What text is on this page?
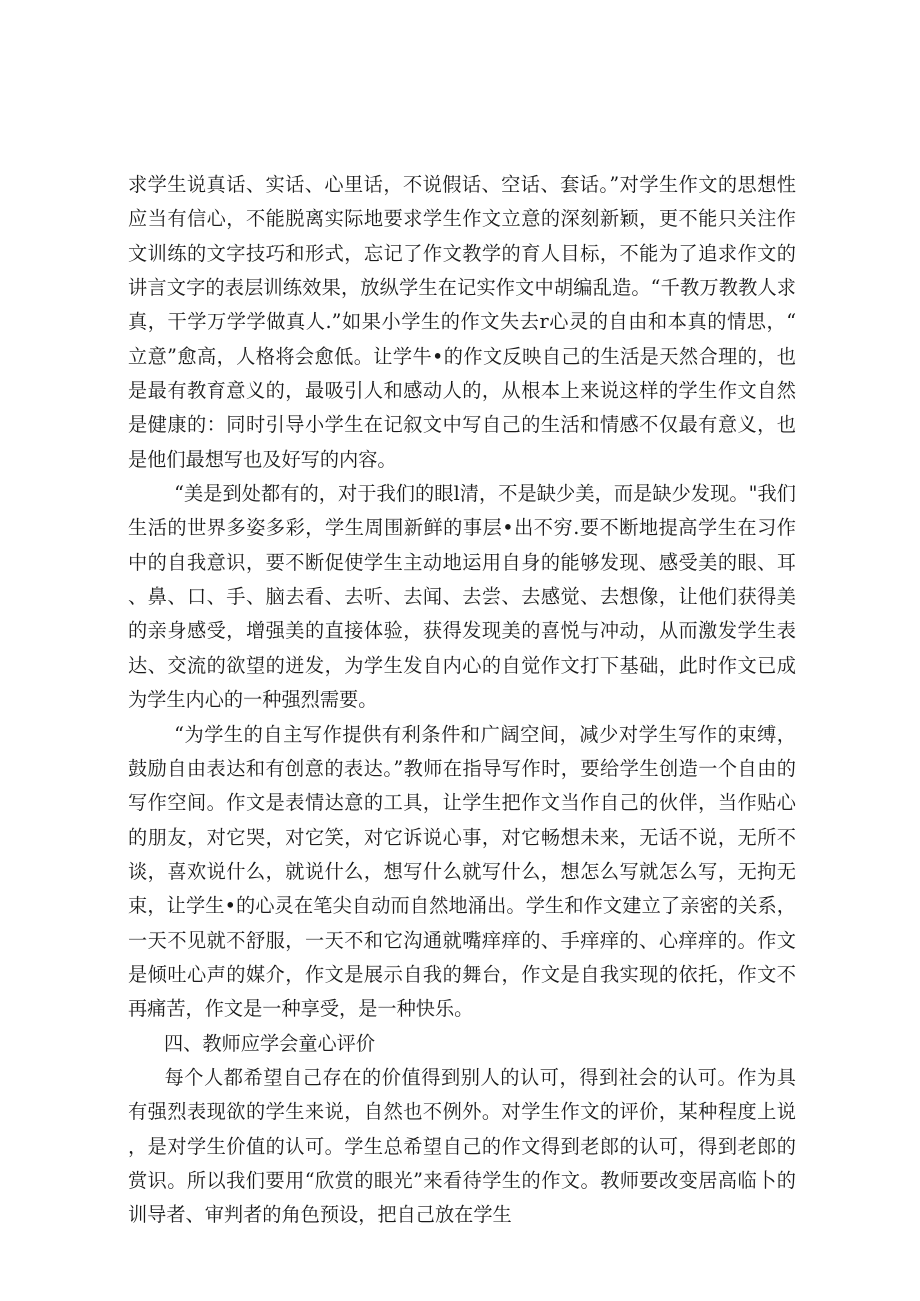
求学生说真话、实话、心里话，不说假话、空话、套话。”对学生作文的思想性应当有信心，不能脱离实际地要求学生作文立意的深刻新颖，更不能只关注作文训练的文字技巧和形式，忘记了作文教学的育人目标，不能为了追求作文的讲言文字的表层训练效果，放纵学生在记实作文中胡编乱造。“千教万教教人求真，干学万学学做真人.”如果小学生的作文失去r心灵的自由和本真的情思，“立意”愈高，人格将会愈低。让学牛•的作文反映自己的生活是天然合理的，也是最有教育意义的，最吸引人和感动人的，从根本上来说这样的学生作文自然是健康的：同时引导小学生在记叙文中写自己的生活和情感不仅最有意义，也是他们最想写也及好写的内容。

“美是到处都有的，对于我们的眼l清，不是缺少美，而是缺少发现。"我们生活的世界多姿多彩，学生周围新鲜的事层•出不穷.要不断地提高学生在习作中的自我意识，要不断促使学生主动地运用自身的能够发现、感受美的眼、耳、鼻、口、手、脑去看、去听、去闻、去尝、去感觉、去想像，让他们获得美的亲身感受，增强美的直接体验，获得发现美的喜悦与冲动，从而激发学生表达、交流的欲望的迸发，为学生发自内心的自觉作文打下基础，此时作文已成为学生内心的一种强烈需要。

“为学生的自主写作提供有利条件和广阔空间，减少对学生写作的束缚，鼓励自由表达和有创意的表达。”教师在指导写作时，要给学生创造一个自由的写作空间。作文是表情达意的工具，让学生把作文当作自己的伙伴，当作贴心的朋友，对它哭，对它笑，对它诉说心事，对它畅想未来，无话不说，无所不谈，喜欢说什么，就说什么，想写什么就写什么，想怎么写就怎么写，无拘无束，让学生•的心灵在笔尖自动而自然地涌出。学生和作文建立了亲密的关系，一天不见就不舒服，一天不和它沟通就嘴痒痒的、手痒痒的、心痒痒的。作文是倾吐心声的媒介，作文是展示自我的舞台，作文是自我实现的依托，作文不再痛苦，作文是一种享受，是一种快乐。

四、教师应学会童心评价

每个人都希望自己存在的价值得到别人的认可，得到社会的认可。作为具有强烈表现欲的学生来说，自然也不例外。对学生作文的评价，某种程度上说，是对学生价值的认可。学生总希望自己的作文得到老郎的认可，得到老郎的赏识。所以我们要用“欣赏的眼光”来看待学生的作文。教师要改变居高临卜的训导者、审判者的角色预设，把自己放在学生
